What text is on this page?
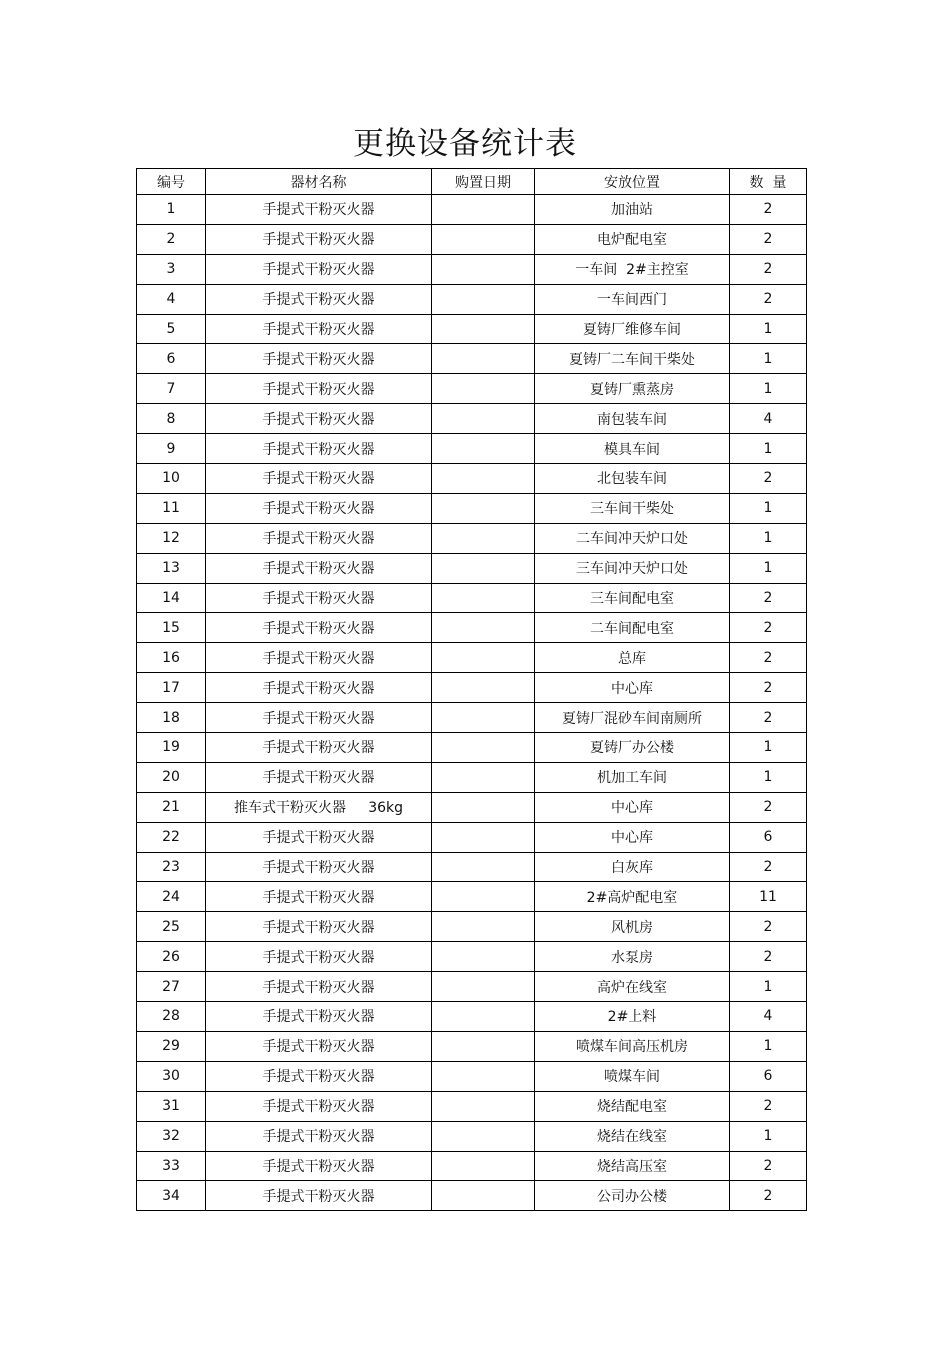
更换设备统计表
编号	器材名称	购置日期	安放位置	数  量
1	手提式干粉灭火器		加油站	2
2	手提式干粉灭火器		电炉配电室	2
3	手提式干粉灭火器		一车间  2#主控室	2
4	手提式干粉灭火器		一车间西门	2
5	手提式干粉灭火器		夏铸厂维修车间	1
6	手提式干粉灭火器		夏铸厂二车间干柴处	1
7	手提式干粉灭火器		夏铸厂熏蒸房	1
8	手提式干粉灭火器		南包装车间	4
9	手提式干粉灭火器		模具车间	1
10	手提式干粉灭火器		北包装车间	2
11	手提式干粉灭火器		三车间干柴处	1
12	手提式干粉灭火器		二车间冲天炉口处	1
13	手提式干粉灭火器		三车间冲天炉口处	1
14	手提式干粉灭火器		三车间配电室	2
15	手提式干粉灭火器		二车间配电室	2
16	手提式干粉灭火器		总库	2
17	手提式干粉灭火器		中心库	2
18	手提式干粉灭火器		夏铸厂混砂车间南厕所	2
19	手提式干粉灭火器		夏铸厂办公楼	1
20	手提式干粉灭火器		机加工车间	1
21	推车式干粉灭火器     36kg		中心库	2
22	手提式干粉灭火器		中心库	6
23	手提式干粉灭火器		白灰库	2
24	手提式干粉灭火器		2#高炉配电室	11
25	手提式干粉灭火器		风机房	2
26	手提式干粉灭火器		水泵房	2
27	手提式干粉灭火器		高炉在线室	1
28	手提式干粉灭火器		2#上料	4
29	手提式干粉灭火器		喷煤车间高压机房	1
30	手提式干粉灭火器		喷煤车间	6
31	手提式干粉灭火器		烧结配电室	2
32	手提式干粉灭火器		烧结在线室	1
33	手提式干粉灭火器		烧结高压室	2
34	手提式干粉灭火器		公司办公楼	2
